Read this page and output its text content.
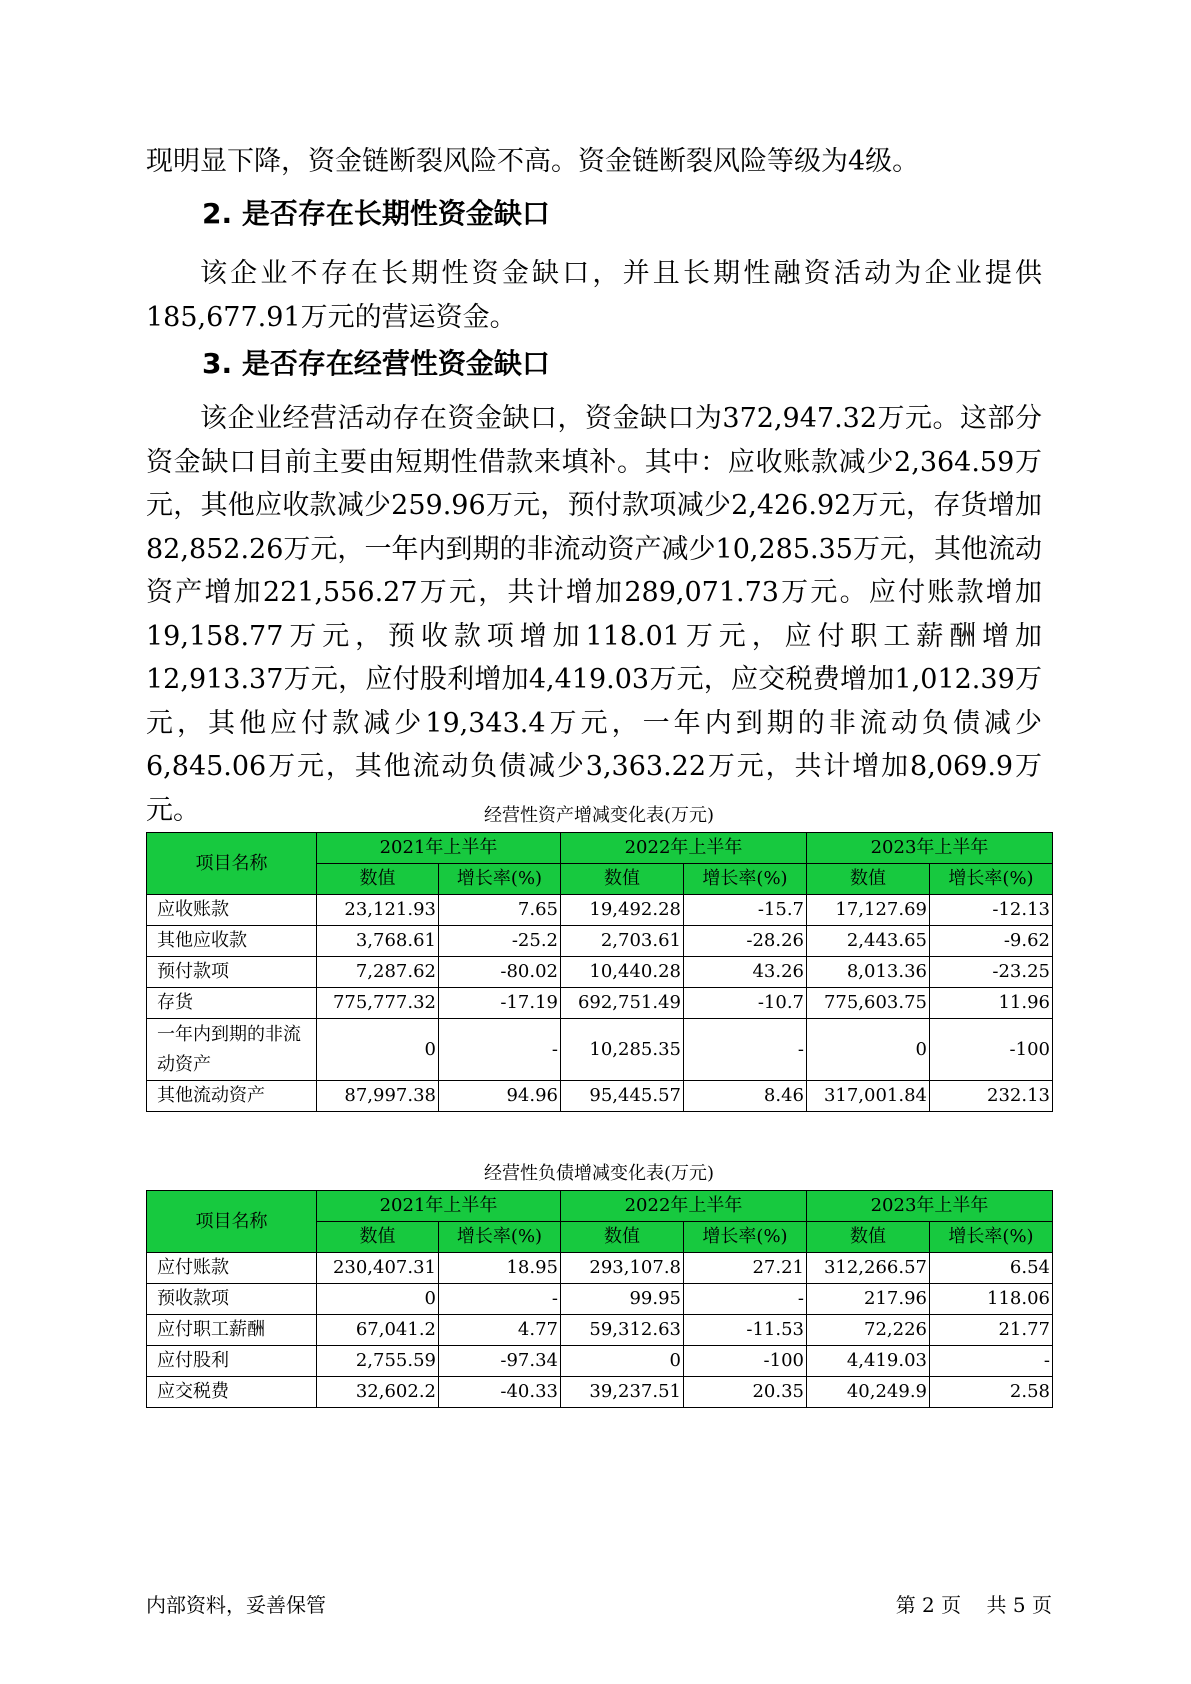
现明显下降，资金链断裂风险不高。资金链断裂风险等级为4级。

2. 是否存在长期性资金缺口

该企业不存在长期性资金缺口，并且长期性融资活动为企业提供185,677.91万元的营运资金。

3. 是否存在经营性资金缺口

该企业经营活动存在资金缺口，资金缺口为372,947.32万元。这部分资金缺口目前主要由短期性借款来填补。其中：应收账款减少2,364.59万元，其他应收款减少259.96万元，预付款项减少2,426.92万元，存货增加82,852.26万元，一年内到期的非流动资产减少10,285.35万元，其他流动资产增加221,556.27万元，共计增加289,071.73万元。应付账款增加19,158.77万元，预收款项增加118.01万元，应付职工薪酬增加12,913.37万元，应付股利增加4,419.03万元，应交税费增加1,012.39万元，其他应付款减少19,343.4万元，一年内到期的非流动负债减少6,845.06万元，其他流动负债减少3,363.22万元，共计增加8,069.9万元。	经营性资产增减变化表(万元)
项目名称	2021年上半年		2022年上半年		2023年上半年	
	数值	增长率(%)	数值	增长率(%)	数值	增长率(%)
应收账款	23,121.93	7.65	19,492.28	-15.7	17,127.69	-12.13
其他应收款	3,768.61	-25.2	2,703.61	-28.26	2,443.65	-9.62
预付款项	7,287.62	-80.02	10,440.28	43.26	8,013.36	-23.25
存货	775,777.32	-17.19	692,751.49	-10.7	775,603.75	11.96
一年内到期的非流动资产	0	-	10,285.35	-	0	-100
其他流动资产	87,997.38	94.96	95,445.57	8.46	317,001.84	232.13
经营性负债增减变化表(万元)
项目名称	2021年上半年		2022年上半年		2023年上半年	
	数值	增长率(%)	数值	增长率(%)	数值	增长率(%)
应付账款	230,407.31	18.95	293,107.8	27.21	312,266.57	6.54
预收款项	0	-	99.95	-	217.96	118.06
应付职工薪酬	67,041.2	4.77	59,312.63	-11.53	72,226	21.77
应付股利	2,755.59	-97.34	0	-100	4,419.03	-
应交税费	32,602.2	-40.33	39,237.51	20.35	40,249.9	2.58
内部资料，妥善保管	第 2 页    共 5 页
